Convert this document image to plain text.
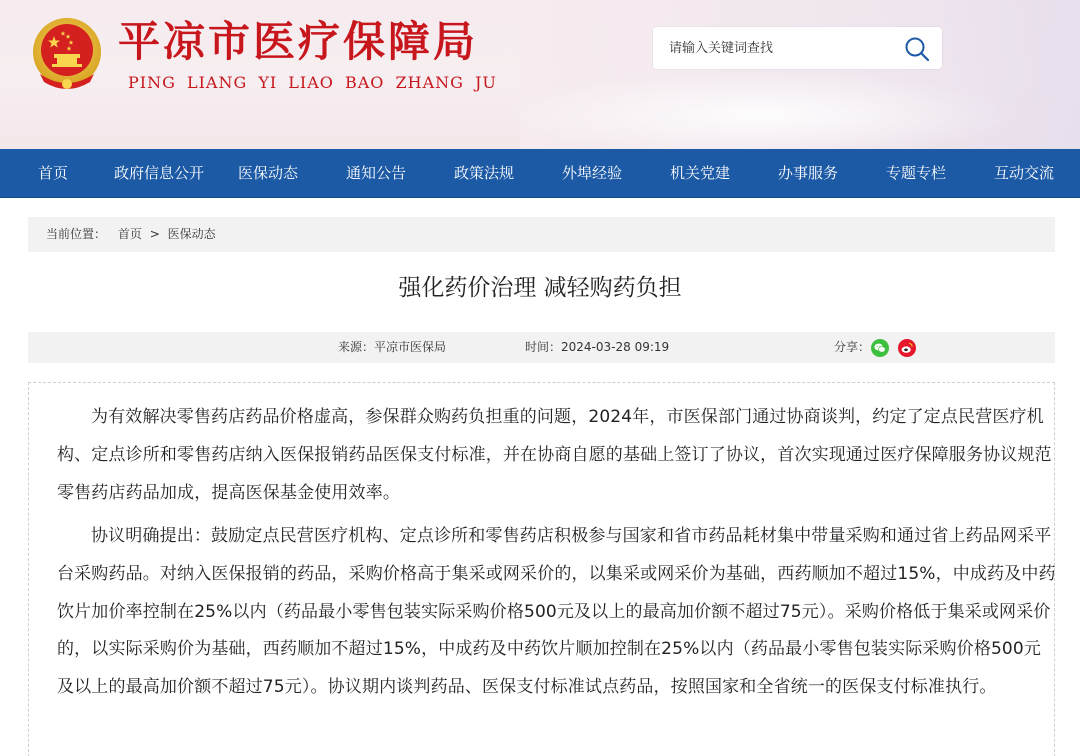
平凉市医疗保障局
PING LIANG YI LIAO BAO ZHANG JU
请输入关键词查找
首页	政府信息公开 医保动态	通知公告	政策法规	外埠经验	机关党建	办事服务	专题专栏	互动交流
当前位置： 首页 > 医保动态
强化药价治理 减轻购药负担
来源：平凉市医保局	时间：2024-03-28 09:19	分享：

为有效解决零售药店药品价格虚高，参保群众购药负担重的问题，2024年，市医保部门通过协商谈判，约定了定点民营医疗机构、定点诊所和零售药店纳入医保报销药品医保支付标准，并在协商自愿的基础上签订了协议，首次实现通过医疗保障服务协议规范零售药店药品加成，提高医保基金使用效率。

协议明确提出：鼓励定点民营医疗机构、定点诊所和零售药店积极参与国家和省市药品耗材集中带量采购和通过省上药品网采平台采购药品。对纳入医保报销的药品，采购价格高于集采或网采价的，以集采或网采价为基础，西药顺加不超过15%，中成药及中药饮片加价率控制在25%以内（药品最小零售包装实际采购价格500元及以上的最高加价额不超过75元）。采购价格低于集采或网采价的，以实际采购价为基础，西药顺加不超过15%，中成药及中药饮片顺加控制在25%以内（药品最小零售包装实际采购价格500元及以上的最高加价额不超过75元）。协议期内谈判药品、医保支付标准试点药品，按照国家和全省统一的医保支付标准执行。
